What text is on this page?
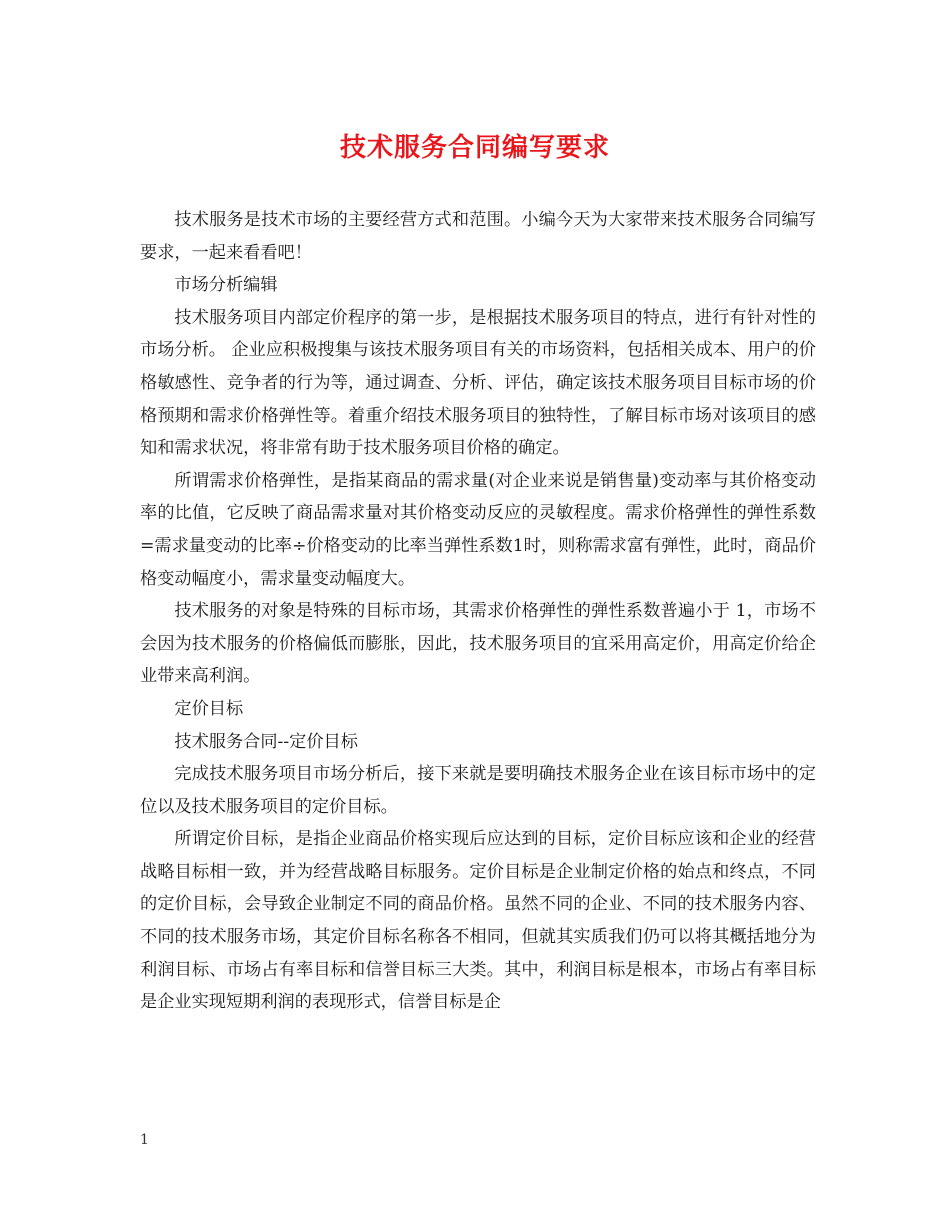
技术服务合同编写要求

技术服务是技术市场的主要经营方式和范围。小编今天为大家带来技术服务合同编写要求，一起来看看吧！

市场分析编辑

技术服务项目内部定价程序的第一步，是根据技术服务项目的特点，进行有针对性的市场分析。 企业应积极搜集与该技术服务项目有关的市场资料，包括相关成本、用户的价格敏感性、竞争者的行为等，通过调查、分析、评估，确定该技术服务项目目标市场的价格预期和需求价格弹性等。着重介绍技术服务项目的独特性，了解目标市场对该项目的感知和需求状况，将非常有助于技术服务项目价格的确定。

所谓需求价格弹性，是指某商品的需求量(对企业来说是销售量)变动率与其价格变动率的比值，它反映了商品需求量对其价格变动反应的灵敏程度。需求价格弹性的弹性系数=需求量变动的比率÷价格变动的比率当弹性系数1时，则称需求富有弹性，此时，商品价格变动幅度小，需求量变动幅度大。

技术服务的对象是特殊的目标市场，其需求价格弹性的弹性系数普遍小于 1，市场不会因为技术服务的价格偏低而膨胀，因此，技术服务项目的宜采用高定价，用高定价给企业带来高利润。

定价目标

技术服务合同--定价目标

完成技术服务项目市场分析后，接下来就是要明确技术服务企业在该目标市场中的定位以及技术服务项目的定价目标。

所谓定价目标，是指企业商品价格实现后应达到的目标，定价目标应该和企业的经营战略目标相一致，并为经营战略目标服务。定价目标是企业制定价格的始点和终点，不同的定价目标，会导致企业制定不同的商品价格。虽然不同的企业、不同的技术服务内容、不同的技术服务市场，其定价目标名称各不相同，但就其实质我们仍可以将其概括地分为利润目标、市场占有率目标和信誉目标三大类。其中，利润目标是根本，市场占有率目标是企业实现短期利润的表现形式，信誉目标是企

1
